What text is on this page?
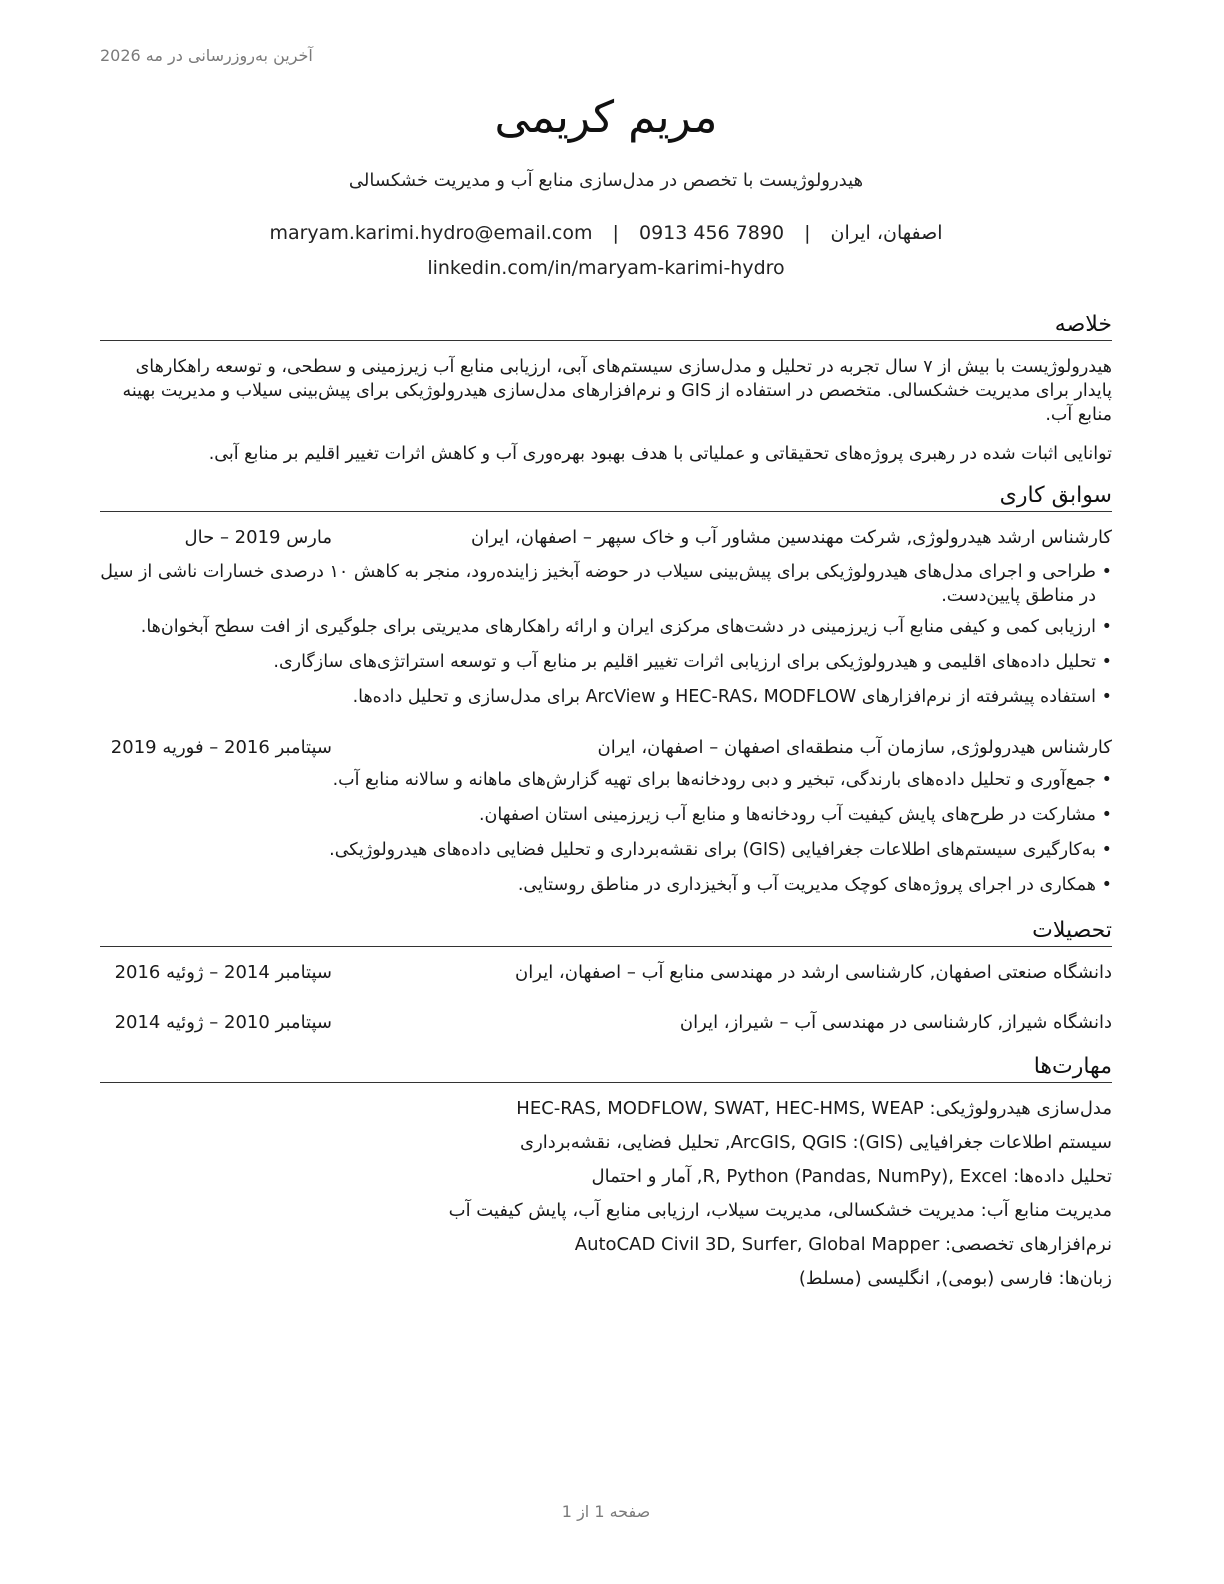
آخرین به‌روزرسانی در مه 2026
مریم کریمی
هیدرولوژیست با تخصص در مدل‌سازی منابع آب و مدیریت خشکسالی
اصفهان، ایران | maryam.karimi.hydro@email.com | 0913 456 7890
linkedin.com/in/maryam-karimi-hydro
خلاصه
هیدرولوژیست با بیش از ۷ سال تجربه در تحلیل و مدل‌سازی سیستم‌های آبی، ارزیابی منابع آب زیرزمینی و سطحی، و توسعه راهکارهای پایدار برای مدیریت خشکسالی. متخصص در استفاده از GIS و نرم‌افزارهای مدل‌سازی هیدرولوژیکی برای پیش‌بینی سیلاب و مدیریت بهینه منابع آب.
توانایی اثبات شده در رهبری پروژه‌های تحقیقاتی و عملیاتی با هدف بهبود بهره‌وری آب و کاهش اثرات تغییر اقلیم بر منابع آبی.
سوابق کاری
کارشناس ارشد هیدرولوژی, شرکت مهندسین مشاور آب و خاک سپهر – اصفهان، ایران
مارس 2019 – حال
• طراحی و اجرای مدل‌های هیدرولوژیکی برای پیش‌بینی سیلاب در حوضه آبخیز زاینده‌رود، منجر به کاهش ۱۰ درصدی خسارات ناشی از سیل در مناطق پایین‌دست.
• ارزیابی کمی و کیفی منابع آب زیرزمینی در دشت‌های مرکزی ایران و ارائه راهکارهای مدیریتی برای جلوگیری از افت سطح آبخوان‌ها.
• تحلیل داده‌های اقلیمی و هیدرولوژیکی برای ارزیابی اثرات تغییر اقلیم بر منابع آب و توسعه استراتژی‌های سازگاری.
• استفاده پیشرفته از نرم‌افزارهای HEC-RAS، MODFLOW و ArcView برای مدل‌سازی و تحلیل داده‌ها.
کارشناس هیدرولوژی, سازمان آب منطقه‌ای اصفهان – اصفهان، ایران
سپتامبر 2016 – فوریه 2019
• جمع‌آوری و تحلیل داده‌های بارندگی، تبخیر و دبی رودخانه‌ها برای تهیه گزارش‌های ماهانه و سالانه منابع آب.
• مشارکت در طرح‌های پایش کیفیت آب رودخانه‌ها و منابع آب زیرزمینی استان اصفهان.
• به‌کارگیری سیستم‌های اطلاعات جغرافیایی (GIS) برای نقشه‌برداری و تحلیل فضایی داده‌های هیدرولوژیکی.
• همکاری در اجرای پروژه‌های کوچک مدیریت آب و آبخیزداری در مناطق روستایی.
تحصیلات
دانشگاه صنعتی اصفهان, کارشناسی ارشد در مهندسی منابع آب – اصفهان، ایران
سپتامبر 2014 – ژوئیه 2016
دانشگاه شیراز, کارشناسی در مهندسی آب – شیراز، ایران
سپتامبر 2010 – ژوئیه 2014
مهارت‌ها
مدل‌سازی هیدرولوژیکی: HEC-RAS, MODFLOW, SWAT, HEC-HMS, WEAP
سیستم اطلاعات جغرافیایی (GIS): ArcGIS, QGIS, تحلیل فضایی، نقشه‌برداری
تحلیل داده‌ها: R, Python (Pandas, NumPy), Excel, آمار و احتمال
مدیریت منابع آب: مدیریت خشکسالی، مدیریت سیلاب، ارزیابی منابع آب، پایش کیفیت آب
نرم‌افزارهای تخصصی: AutoCAD Civil 3D, Surfer, Global Mapper
زبان‌ها: فارسی (بومی), انگلیسی (مسلط)
صفحه 1 از 1
